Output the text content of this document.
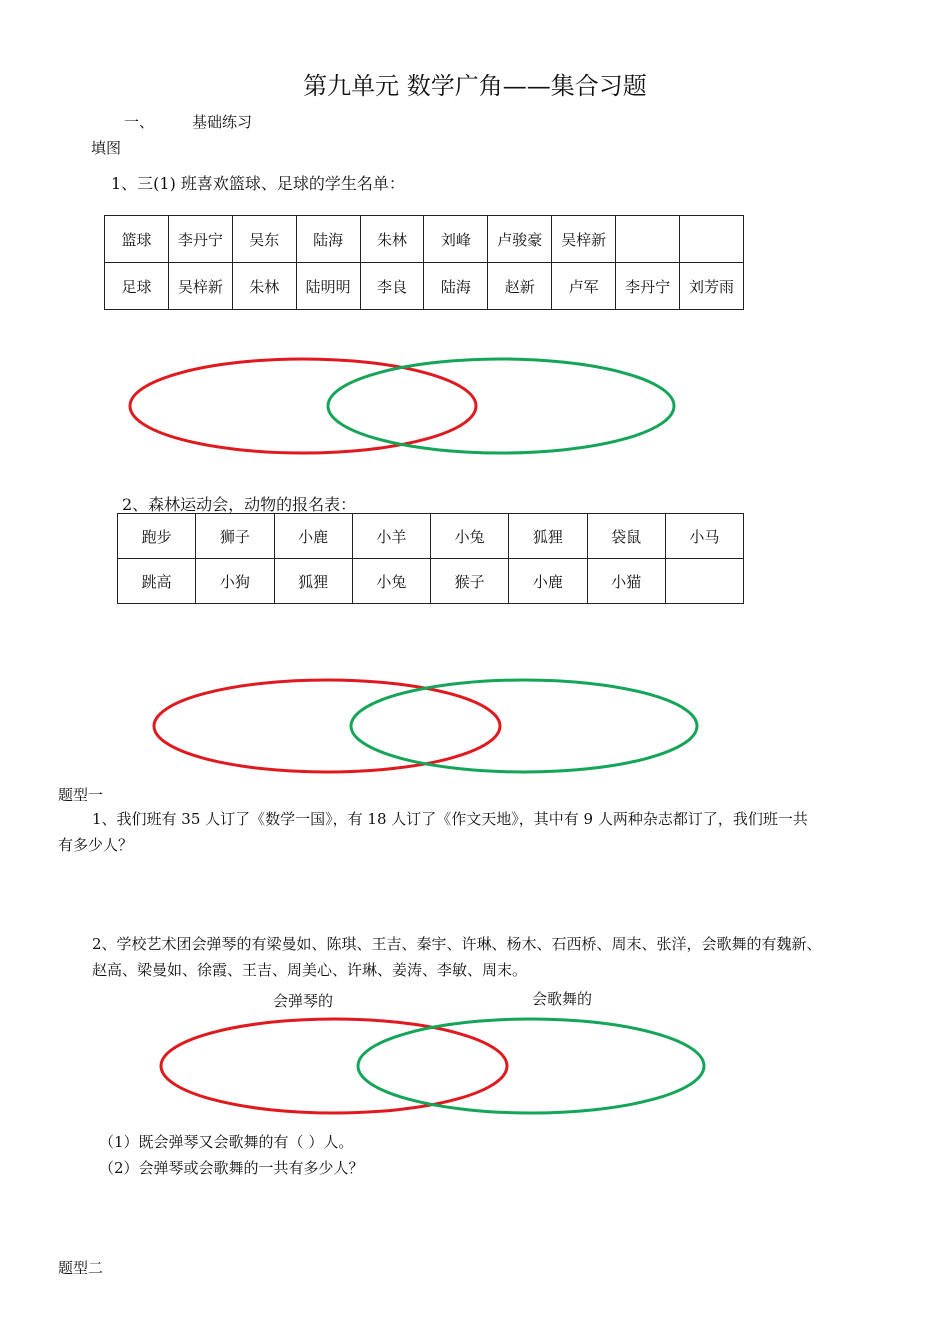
第九单元 数学广角——集合习题
一、	基础练习
填图
1、三(1) 班喜欢篮球、足球的学生名单：
篮球	李丹宁	吴东	陆海	朱林	刘峰	卢骏豪	吴梓新		
足球	吴梓新	朱林	陆明明	李良	陆海	赵新	卢军	李丹宁	刘芳雨
2、森林运动会，动物的报名表：
跑步	狮子	小鹿	小羊	小兔	狐狸	袋鼠	小马
跳高	小狗	狐狸	小兔	猴子	小鹿	小猫	
题型一
1、我们班有 35 人订了《数学一国》，有 18 人订了《作文天地》，其中有 9 人两种杂志都订了，我们班一共
有多少人？
2、学校艺术团会弹琴的有梁曼如、陈琪、王吉、秦宇、许琳、杨木、石西桥、周末、张洋，会歌舞的有魏新、
赵高、梁曼如、徐霞、王吉、周美心、许琳、姜涛、李敏、周末。
会弹琴的	会歌舞的
（1）既会弹琴又会歌舞的有（ ）人。
（2）会弹琴或会歌舞的一共有多少人？
题型二
